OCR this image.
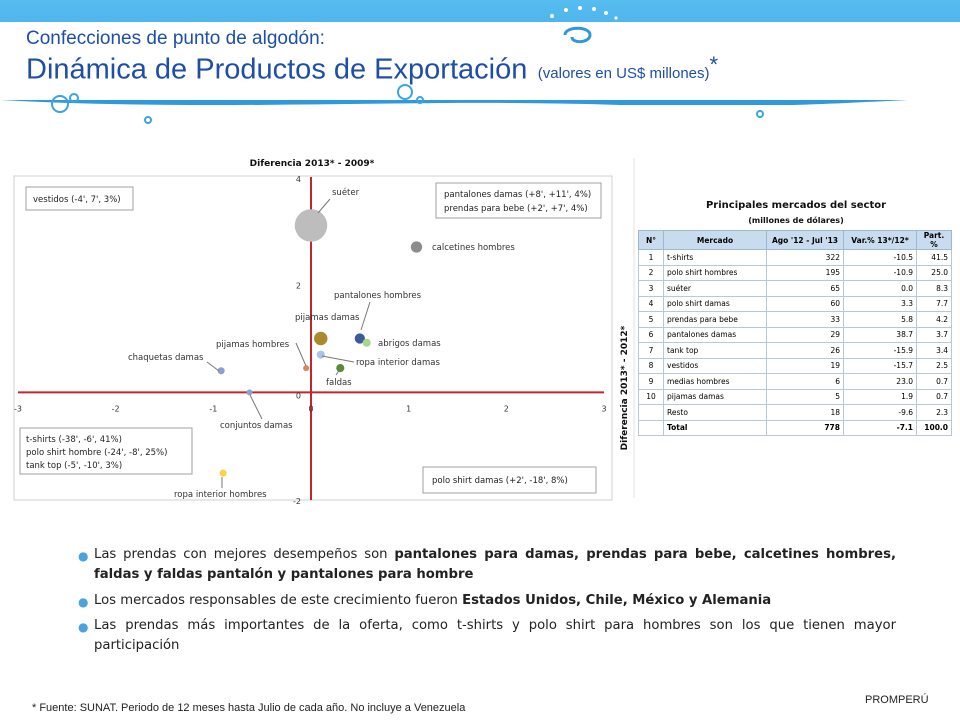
Confecciones de punto de algodón:
Dinámica de Productos de Exportación (valores en US$ millones)*
Diferencia 2013* - 2009*
Diferencia 2013* - 2012*
-3	-2	-1	0	1	2	3
-2
0
2
4
suéter
calcetines hombres
pantalones hombres
pijamas damas
abrigos damas
ropa interior damas
pijamas hombres
faldas
chaquetas damas
conjuntos damas
ropa interior hombres
vestidos (-4', 7', 3%)	pantalones damas (+8', +11', 4%)
prendas para bebe (+2', +7', 4%)
t-shirts (-38', -6', 41%)
polo shirt hombre (-24', -8', 25%)
tank top (-5', -10', 3%)
polo shirt damas (+2', -18', 8%)
Principales mercados del sector
(millones de dólares)
N°	Mercado	Ago '12 - Jul '13	Var.% 13*/12*	Part. %
1	t-shirts	322	-10.5	41.5
2	polo shirt hombres	195	-10.9	25.0
3	suéter	65	0.0	8.3
4	polo shirt damas	60	3.3	7.7
5	prendas para bebe	33	5.8	4.2
6	pantalones damas	29	38.7	3.7
7	tank top	26	-15.9	3.4
8	vestidos	19	-15.7	2.5
9	medias hombres	6	23.0	0.7
10	pijamas damas	5	1.9	0.7
	Resto	18	-9.6	2.3
	Total	778	-7.1	100.0
● Las prendas con mejores desempeños son pantalones para damas, prendas para bebe, calcetines hombres, faldas y faldas pantalón y pantalones para hombre
● Los mercados responsables de este crecimiento fueron Estados Unidos, Chile, México y Alemania
● Las prendas más importantes de la oferta, como t-shirts y polo shirt para hombres son los que tienen mayor participación
* Fuente: SUNAT. Periodo de 12 meses hasta Julio de cada año. No incluye a Venezuela
PROMPERÚ
